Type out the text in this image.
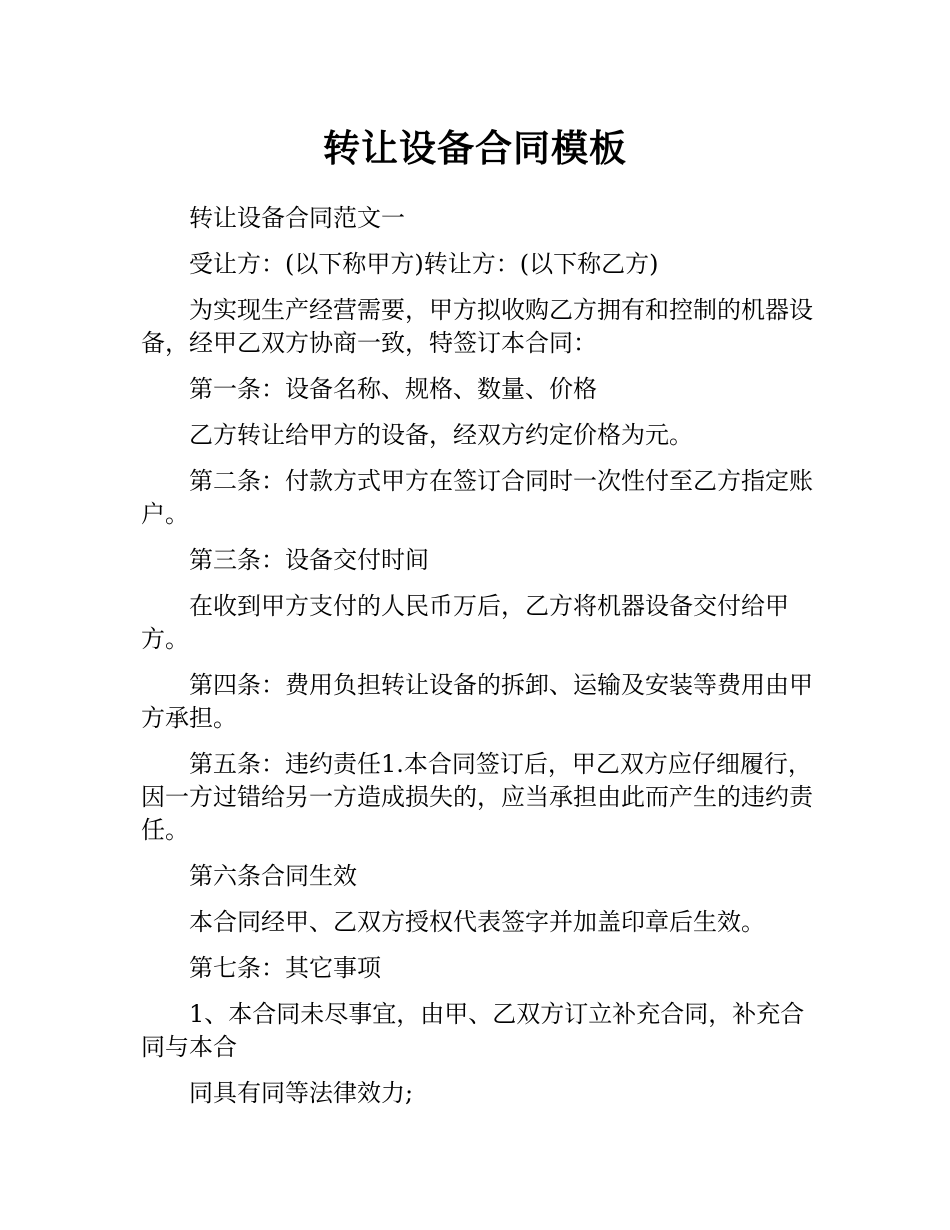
转让设备合同模板

转让设备合同范文一

受让方：(以下称甲方)转让方：(以下称乙方)

为实现生产经营需要，甲方拟收购乙方拥有和控制的机器设备，经甲乙双方协商一致，特签订本合同：

第一条：设备名称、规格、数量、价格

乙方转让给甲方的设备，经双方约定价格为元。

第二条：付款方式甲方在签订合同时一次性付至乙方指定账户。

第三条：设备交付时间

在收到甲方支付的人民币万后，乙方将机器设备交付给甲方。

第四条：费用负担转让设备的拆卸、运输及安装等费用由甲方承担。

第五条：违约责任1.本合同签订后，甲乙双方应仔细履行，因一方过错给另一方造成损失的，应当承担由此而产生的违约责任。

第六条合同生效

本合同经甲、乙双方授权代表签字并加盖印章后生效。

第七条：其它事项

1、本合同未尽事宜，由甲、乙双方订立补充合同，补充合同与本合

同具有同等法律效力;
